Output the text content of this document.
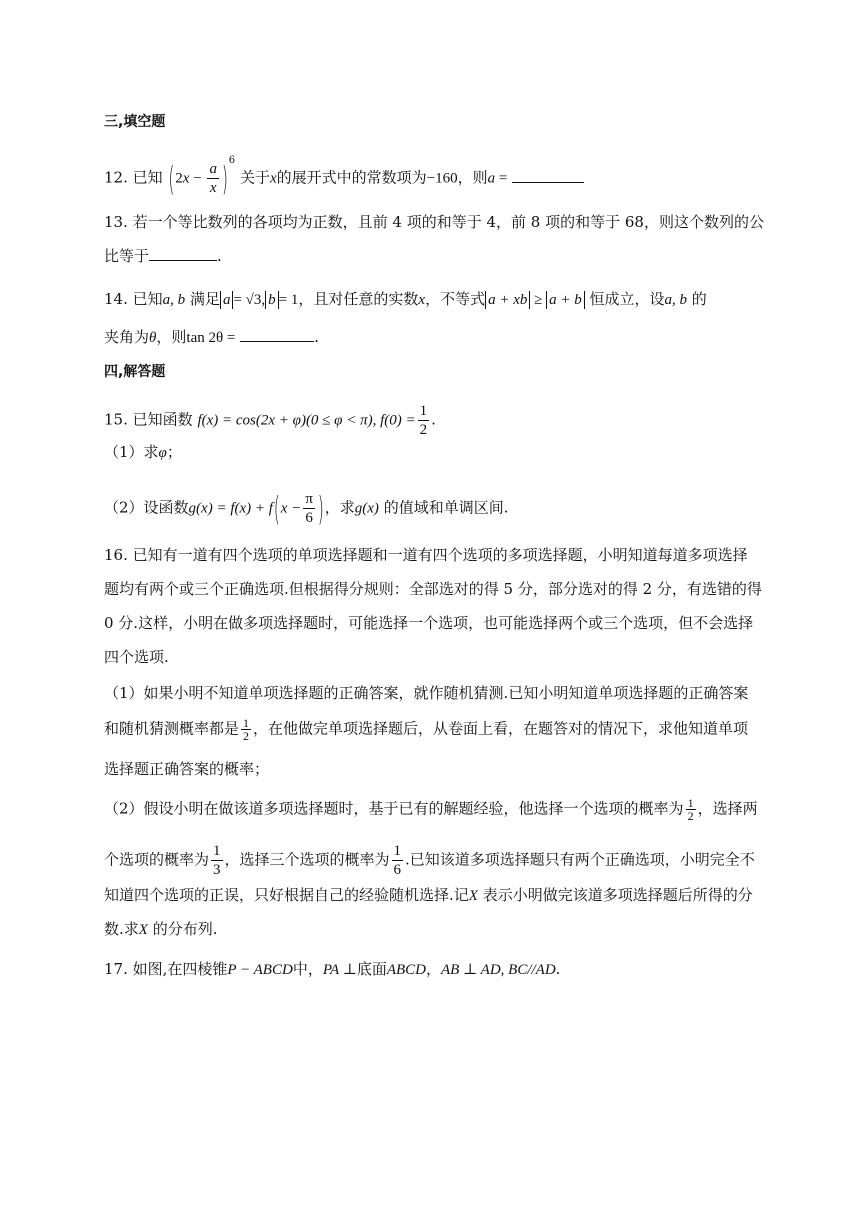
三,填空题
12. 已知 $(2x - \frac{a}{x} )^6$ 关于x的展开式中的常数项为−160，则a =
13. 若一个等比数列的各项均为正数，且前 4 项的和等于 4，前 8 项的和等于 68，则这个数列的公
比等于	.
14. 已知a, b 满足 a = √3, b = 1，且对任意的实数x，不等式 a + xb ≥ a + b 恒成立，设a, b 的
夹角为θ，则tan 2θ =	.
四,解答题
15. 已知函数 f(x) = cos(2x + φ)(0 ≤ φ < π), $f(0) = \frac{1}{2}$ .
（1）求φ；
（2）设函数$g(x) = f(x) + f(x - \frac{\pi}{6}$ )，求g(x) 的值域和单调区间.
16. 已知有一道有四个选项的单项选择题和一道有四个选项的多项选择题，小明知道每道多项选择
题均有两个或三个正确选项.但根据得分规则：全部选对的得 5 分，部分选对的得 2 分，有选错的得
0 分.这样，小明在做多项选择题时，可能选择一个选项，也可能选择两个或三个选项，但不会选择
四个选项.
（1）如果小明不知道单项选择题的正确答案，就作随机猜测.已知小明知道单项选择题的正确答案
和随机猜测概率都是 $\frac{1}{2}$ ，在他做完单项选择题后，从卷面上看，在题答对的情况下，求他知道单项
选择题正确答案的概率；
（2）假设小明在做该道多项选择题时，基于已有的解题经验，他选择一个选项的概率为 $\frac{1}{2}$ ，选择两
个选项的概率为 $\frac{1}{3}$ ，选择三个选项的概率为 $\frac{1}{6}$ .已知该道多项选择题只有两个正确选项，小明完全不
知道四个选项的正误，只好根据自己的经验随机选择.记X 表示小明做完该道多项选择题后所得的分
数.求X 的分布列.
17. 如图,在四棱锥P − ABCD中，PA ⊥底面ABCD，AB ⊥ AD, BC//AD.
